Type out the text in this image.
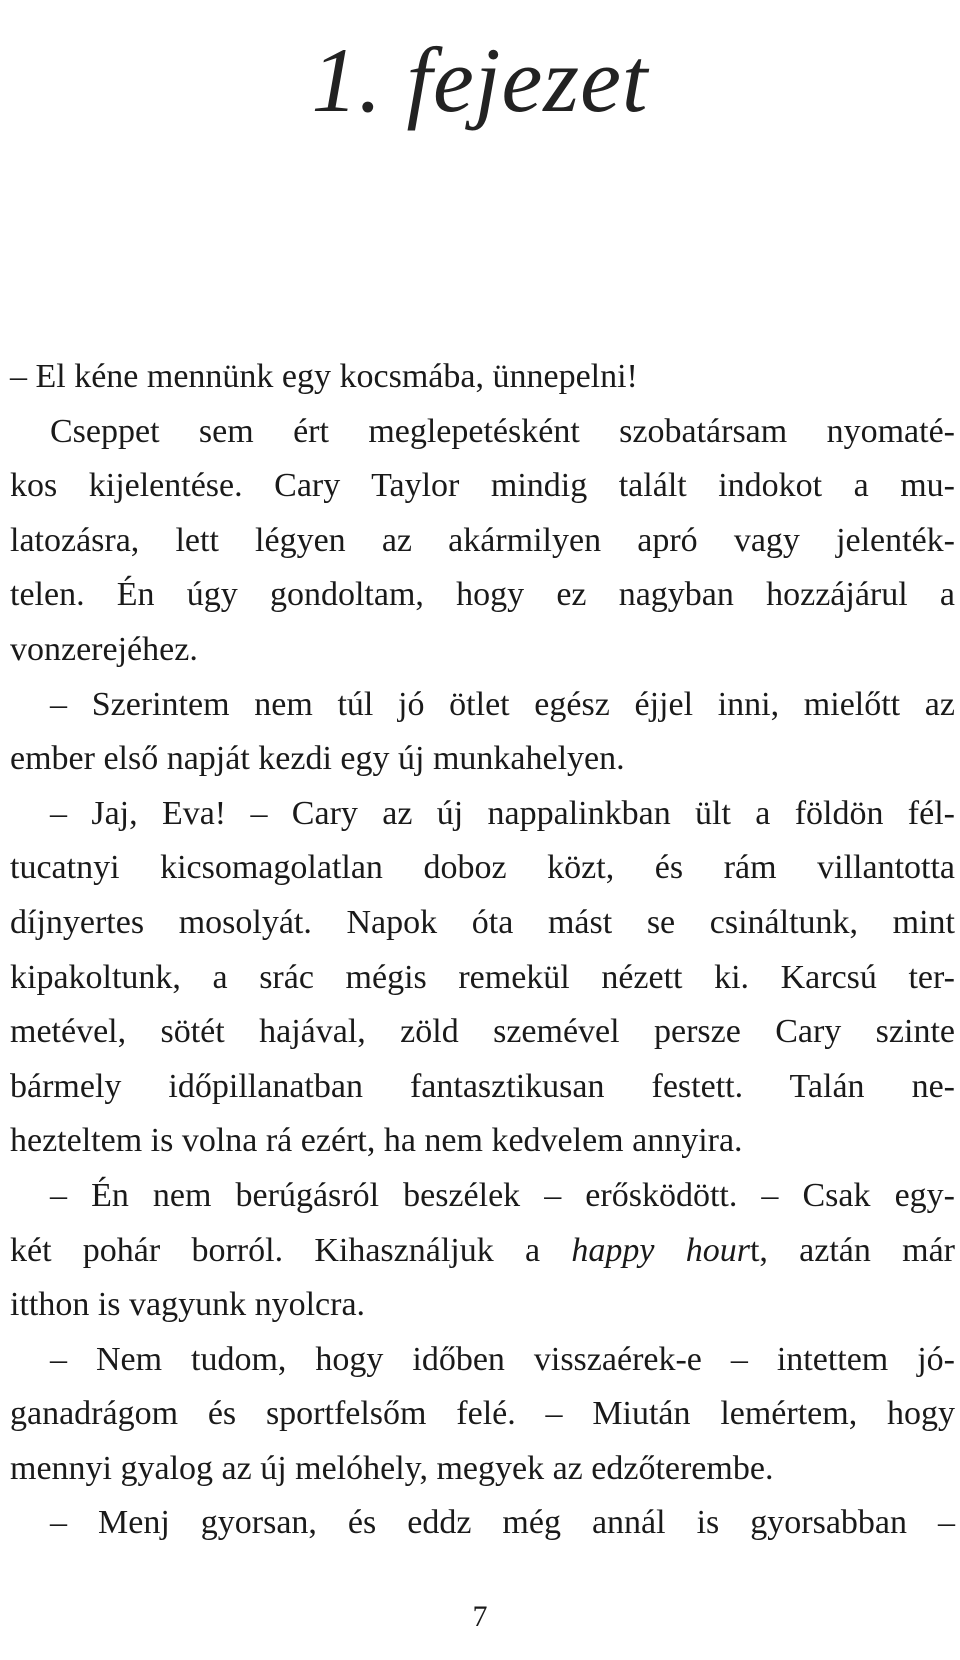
1. fejezet
– El kéne mennünk egy kocsmába, ünnepelni!
Cseppet sem ért meglepetésként szobatársam nyomaté-
kos kijelentése. Cary Taylor mindig talált indokot a mu-
latozásra, lett légyen az akármilyen apró vagy jelenték-
telen. Én úgy gondoltam, hogy ez nagyban hozzájárul a
vonzerejéhez.
– Szerintem nem túl jó ötlet egész éjjel inni, mielőtt az
ember első napját kezdi egy új munkahelyen.
– Jaj, Eva! – Cary az új nappalinkban ült a földön fél-
tucatnyi kicsomagolatlan doboz közt, és rám villantotta
díjnyertes mosolyát. Napok óta mást se csináltunk, mint
kipakoltunk, a srác mégis remekül nézett ki. Karcsú ter-
metével, sötét hajával, zöld szemével persze Cary szinte
bármely időpillanatban fantasztikusan festett. Talán ne-
hezteltem is volna rá ezért, ha nem kedvelem annyira.
– Én nem berúgásról beszélek – erősködött. – Csak egy-
két pohár borról. Kihasználjuk a happy hourt, aztán már
itthon is vagyunk nyolcra.
– Nem tudom, hogy időben visszaérek-e – intettem jó-
ganadrágom és sportfelsőm felé. – Miután lemértem, hogy
mennyi gyalog az új melóhely, megyek az edzőterembe.
– Menj gyorsan, és eddz még annál is gyorsabban –
7
